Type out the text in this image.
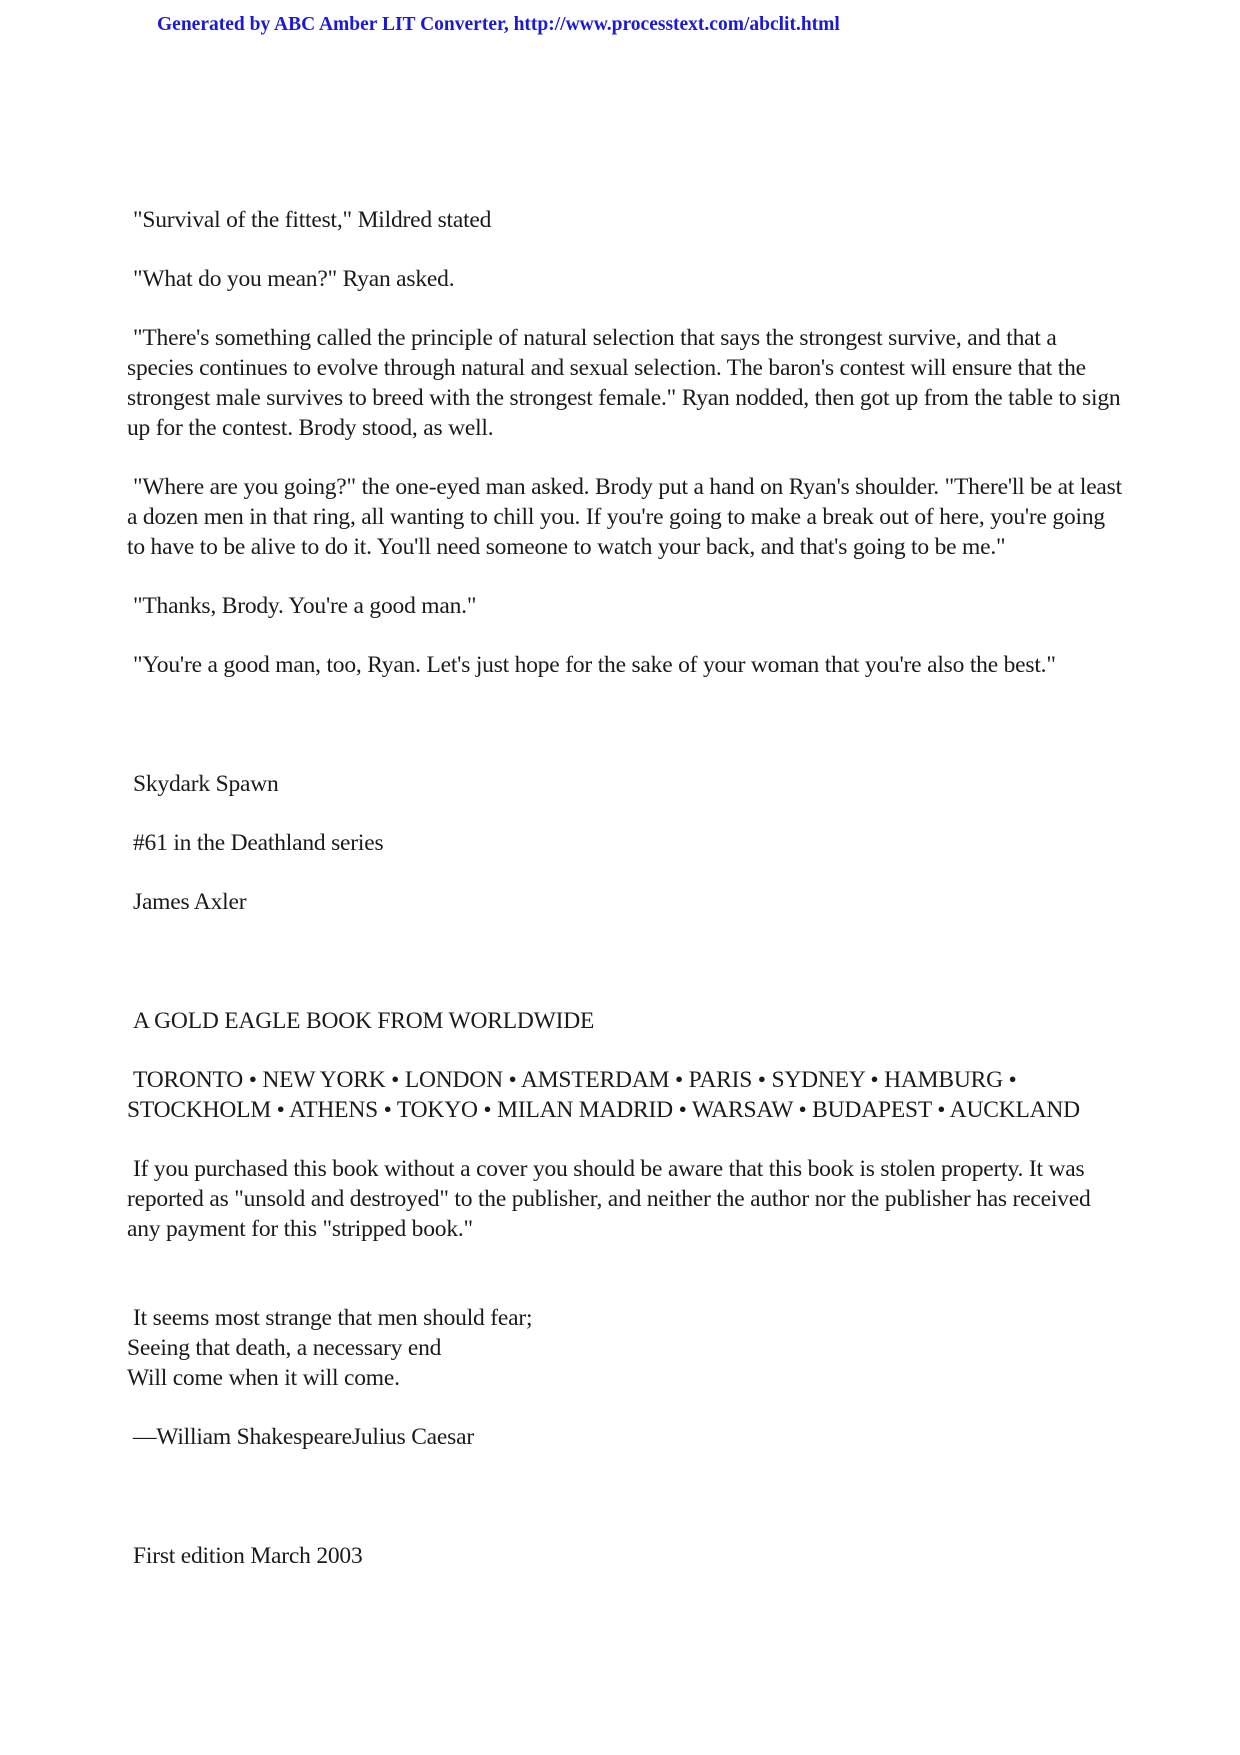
Generated by ABC Amber LIT Converter, http://www.processtext.com/abclit.html

"Survival of the fittest," Mildred stated

"What do you mean?" Ryan asked.

"There's something called the principle of natural selection that says the strongest survive, and that a species continues to evolve through natural and sexual selection. The baron's contest will ensure that the strongest male survives to breed with the strongest female." Ryan nodded, then got up from the table to sign up for the contest. Brody stood, as well.

"Where are you going?" the one-eyed man asked. Brody put a hand on Ryan's shoulder. "There'll be at least a dozen men in that ring, all wanting to chill you. If you're going to make a break out of here, you're going to have to be alive to do it. You'll need someone to watch your back, and that's going to be me."

"Thanks, Brody. You're a good man."

"You're a good man, too, Ryan. Let's just hope for the sake of your woman that you're also the best."

Skydark Spawn

#61 in the Deathland series

James Axler

A GOLD EAGLE BOOK FROM WORLDWIDE

TORONTO • NEW YORK • LONDON • AMSTERDAM • PARIS • SYDNEY • HAMBURG • STOCKHOLM • ATHENS • TOKYO • MILAN MADRID • WARSAW • BUDAPEST • AUCKLAND

If you purchased this book without a cover you should be aware that this book is stolen property. It was reported as "unsold and destroyed" to the publisher, and neither the author nor the publisher has received any payment for this "stripped book."

It seems most strange that men should fear;

Seeing that death, a necessary end

Will come when it will come.

—William ShakespeareJulius Caesar

First edition March 2003
